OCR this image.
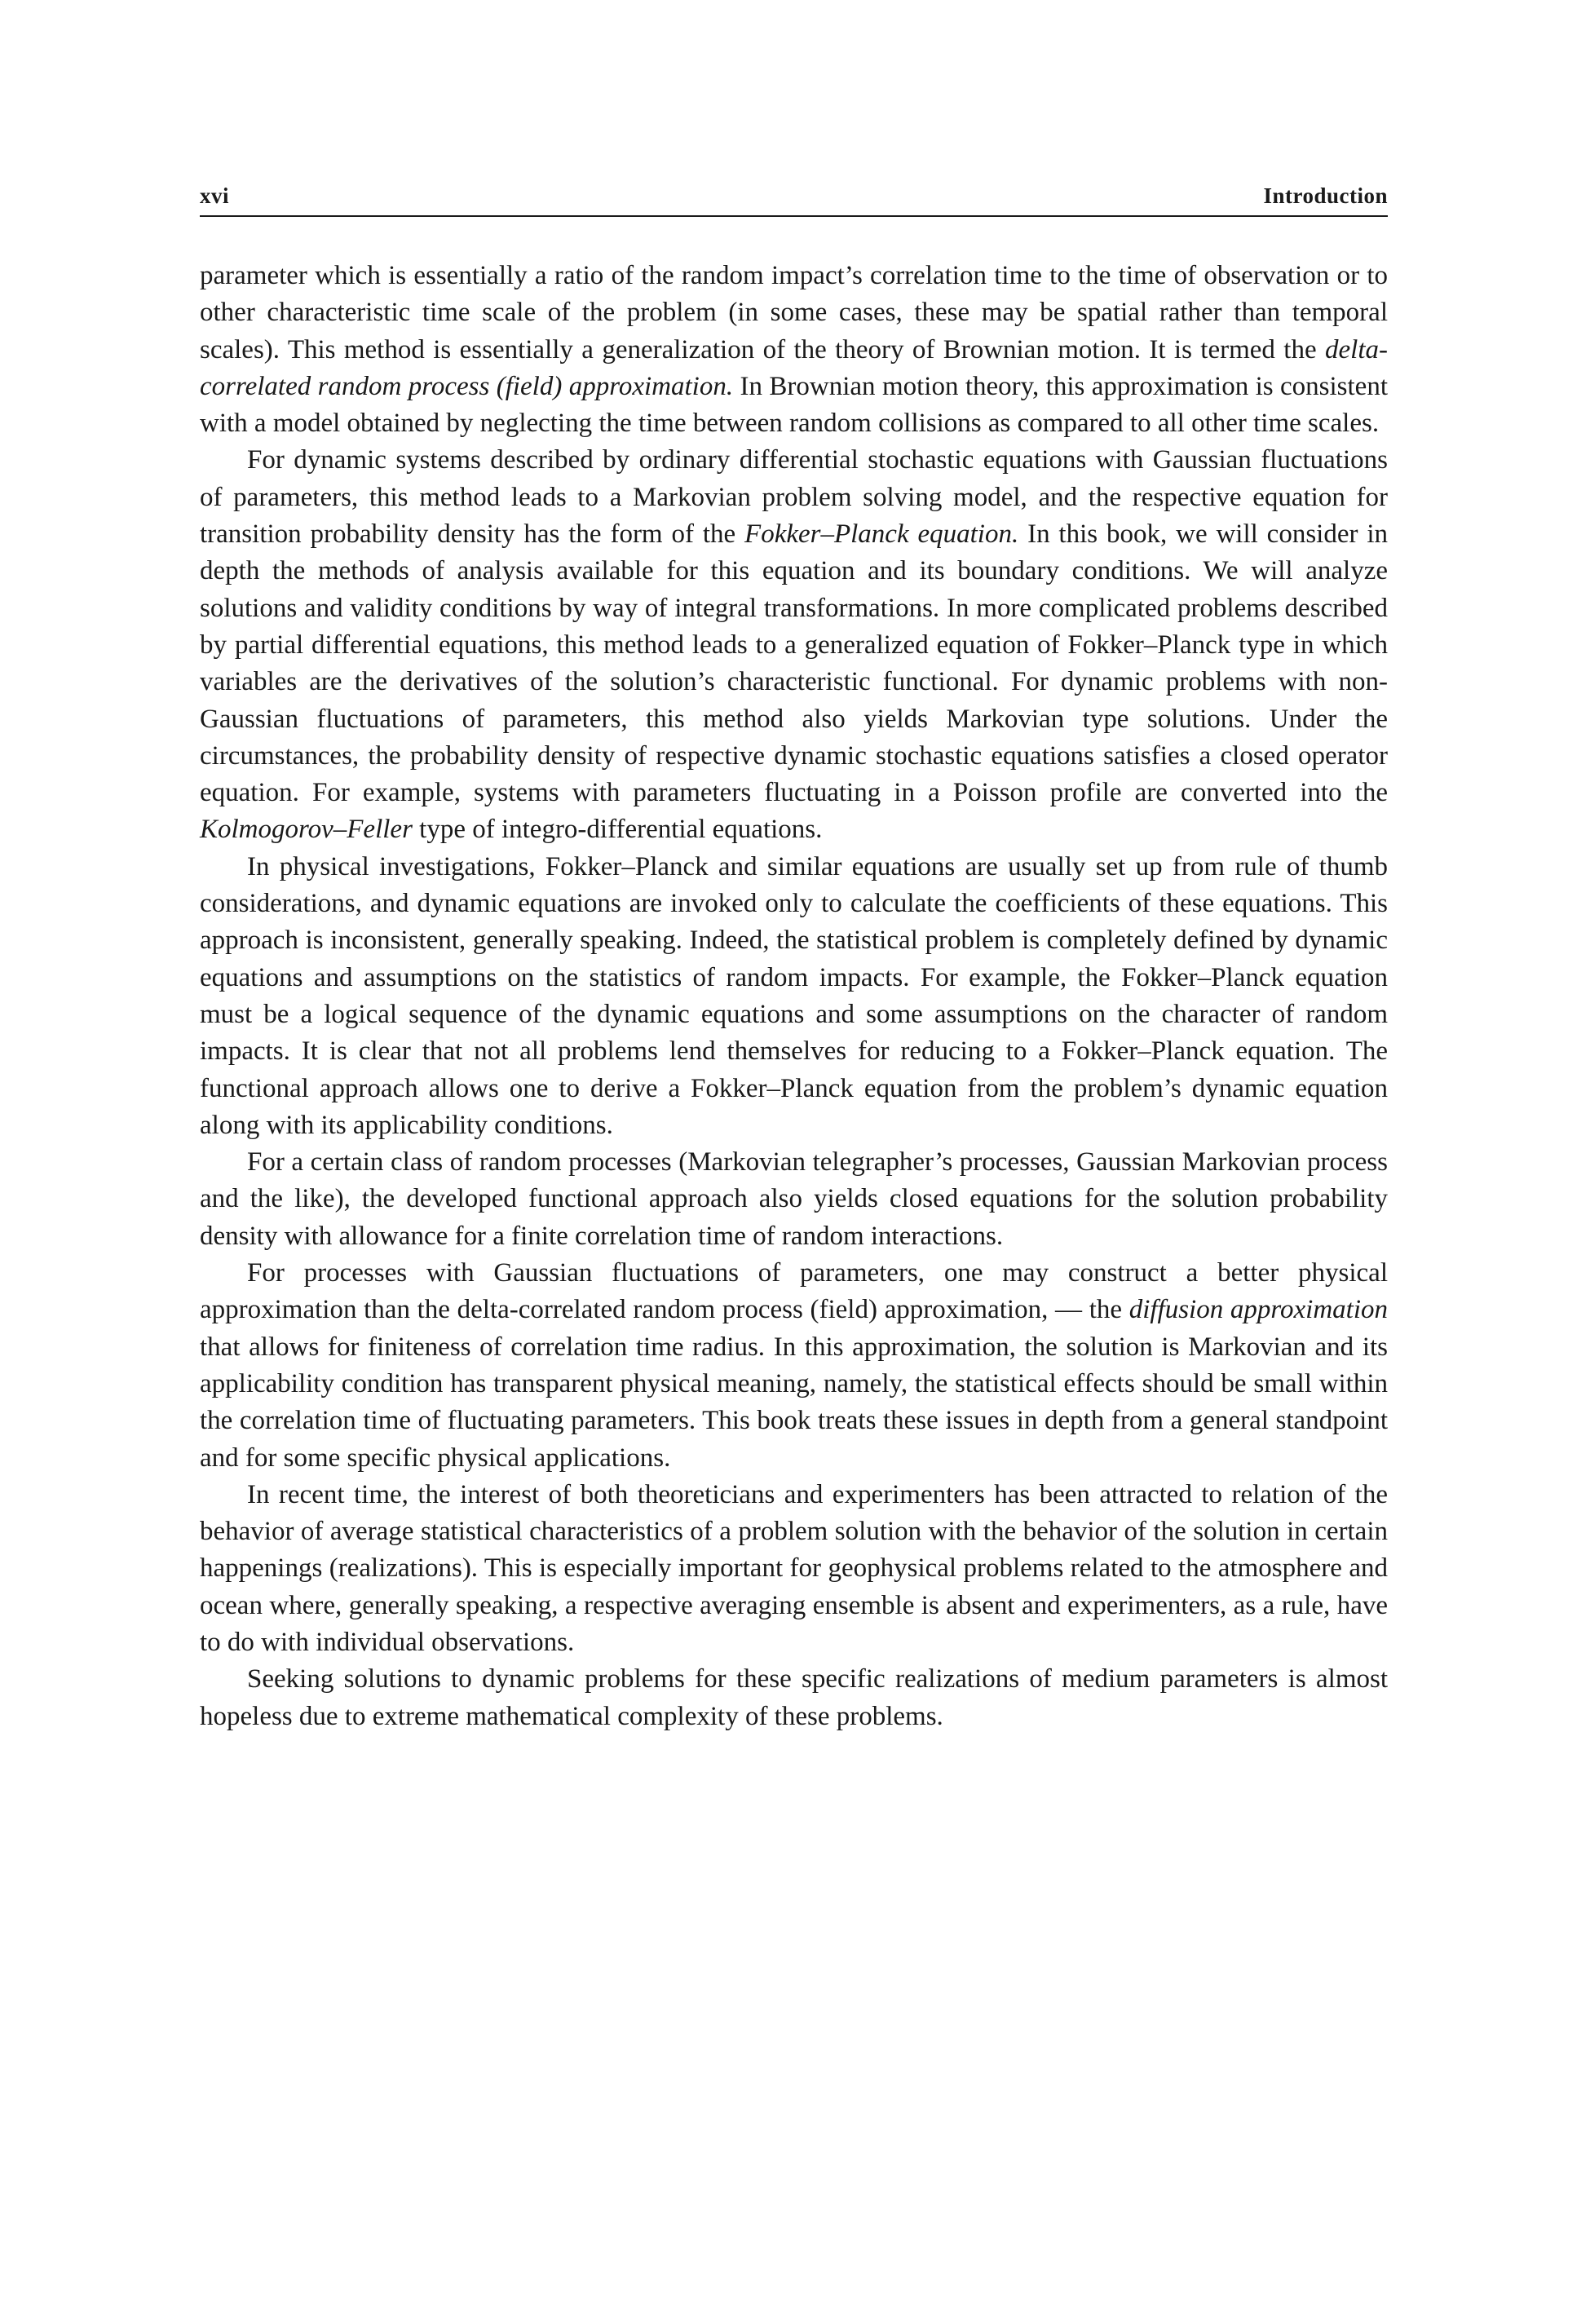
xvi	Introduction

parameter which is essentially a ratio of the random impact’s correlation time to the time of observation or to other characteristic time scale of the problem (in some cases, these may be spatial rather than temporal scales). This method is essentially a generalization of the theory of Brownian motion. It is termed the delta-correlated random process (field) approximation. In Brownian motion theory, this approximation is consistent with a model obtained by neglecting the time between random collisions as compared to all other time scales.

For dynamic systems described by ordinary differential stochastic equations with Gaussian fluctuations of parameters, this method leads to a Markovian problem solving model, and the respective equation for transition probability density has the form of the Fokker–Planck equation. In this book, we will consider in depth the methods of analysis available for this equation and its boundary conditions. We will analyze solutions and validity conditions by way of integral transformations. In more complicated problems described by partial differential equations, this method leads to a generalized equation of Fokker–Planck type in which variables are the derivatives of the solution’s characteristic functional. For dynamic problems with non-Gaussian fluctuations of parameters, this method also yields Markovian type solutions. Under the circumstances, the probability density of respective dynamic stochastic equations satisfies a closed operator equation. For example, systems with parameters fluctuating in a Poisson profile are converted into the Kolmogorov–Feller type of integro-differential equations.

In physical investigations, Fokker–Planck and similar equations are usually set up from rule of thumb considerations, and dynamic equations are invoked only to calculate the coefficients of these equations. This approach is inconsistent, generally speaking. Indeed, the statistical problem is completely defined by dynamic equations and assumptions on the statistics of random impacts. For example, the Fokker–Planck equation must be a logical sequence of the dynamic equations and some assumptions on the character of random impacts. It is clear that not all problems lend themselves for reducing to a Fokker–Planck equation. The functional approach allows one to derive a Fokker–Planck equation from the problem’s dynamic equation along with its applicability conditions.

For a certain class of random processes (Markovian telegrapher’s processes, Gaussian Markovian process and the like), the developed functional approach also yields closed equations for the solution probability density with allowance for a finite correlation time of random interactions.

For processes with Gaussian fluctuations of parameters, one may construct a better physical approximation than the delta-correlated random process (field) approximation, — the diffusion approximation that allows for finiteness of correlation time radius. In this approximation, the solution is Markovian and its applicability condition has transparent physical meaning, namely, the statistical effects should be small within the correlation time of fluctuating parameters. This book treats these issues in depth from a general standpoint and for some specific physical applications.

In recent time, the interest of both theoreticians and experimenters has been attracted to relation of the behavior of average statistical characteristics of a problem solution with the behavior of the solution in certain happenings (realizations). This is especially important for geophysical problems related to the atmosphere and ocean where, generally speaking, a respective averaging ensemble is absent and experimenters, as a rule, have to do with individual observations.

Seeking solutions to dynamic problems for these specific realizations of medium parameters is almost hopeless due to extreme mathematical complexity of these problems.
